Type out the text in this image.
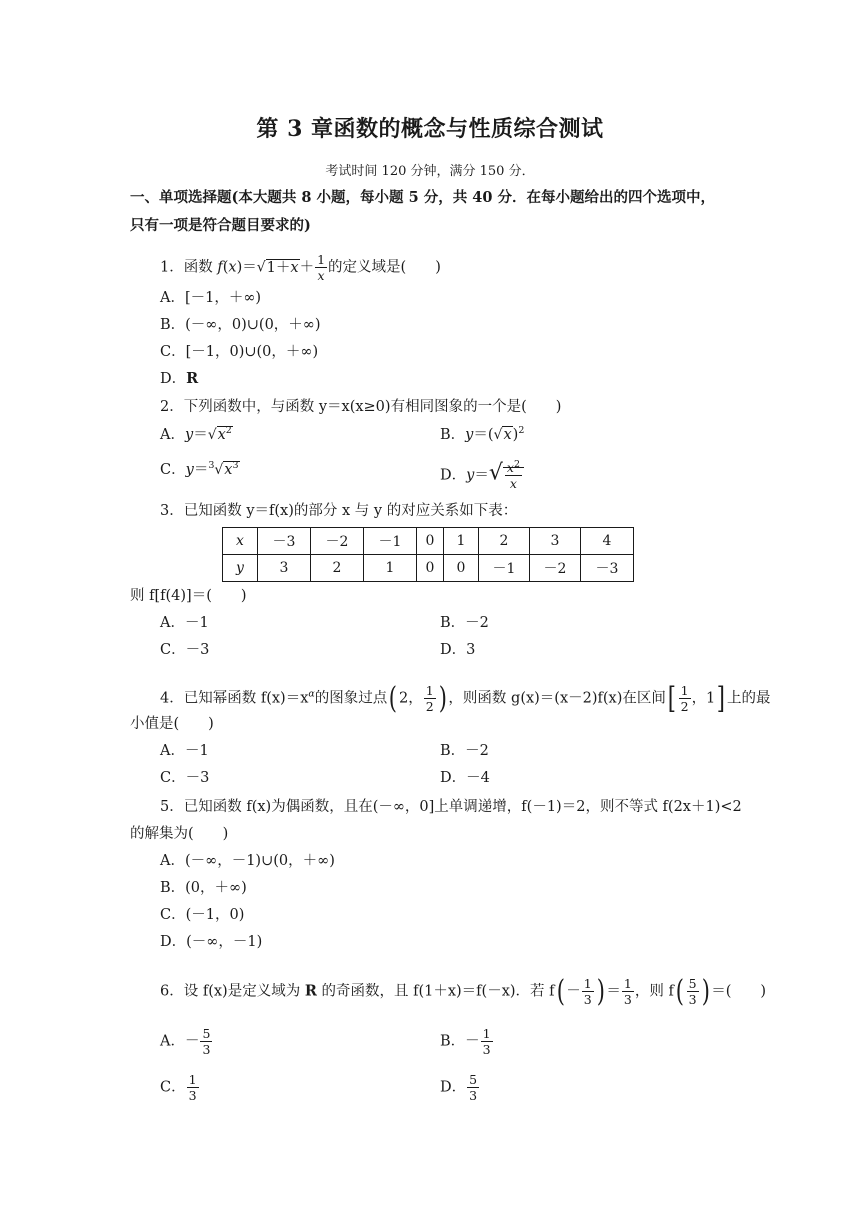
第 3 章函数的概念与性质综合测试
考试时间 120 分钟，满分 150 分．
一、单项选择题(本大题共 8 小题，每小题 5 分，共 40 分．在每小题给出的四个选项中，
只有一项是符合题目要求的)
1．函数 $f(x)=√1+x+ \frac{1}{x}$ 的定义域是(　　)
A．[－1，＋∞)
B．(－∞，0)∪(0，＋∞)
C．[－1，0)∪(0，＋∞)
D．R
2．下列函数中，与函数 y＝x(x≥0)有相同图象的一个是(　　)
A．$y=√x^2$	B．$y=(√x)^2$
C．$y=^3√x^3$
D．$y=√ \frac{x^2}{x}$
3．已知函数 y＝f(x)的部分 x 与 y 的对应关系如下表：
x	－3	－2	－1	0	1	2	3	4
y	3	2	1	0	0	－1	－2	－3
则 f[f(4)]＝(　　)
A．－1	B．－2
C．－3	D．3
4．已知幂函数 $f(x)=x^\alpha$的图象过点( 2， $\frac{1}{2}$ ) ，则函数 g(x)＝(x－2)f(x)在区间[ $\frac{1}{2}$ ，1] 上的最
小值是(　　)
A．－1	B．－2
C．－3	D．－4
5．已知函数 f(x)为偶函数，且在(－∞，0]上单调递增，f(－1)＝2，则不等式 f(2x＋1)<2
的解集为(　　)
A．(－∞，－1)∪(0，＋∞)
B．(0，＋∞)
C．(－1，0)
D．(－∞，－1)
6．设 f(x)是定义域为 R 的奇函数，且 f(1＋x)＝f(－x)．若 $f( - \frac{1}{3}$ ) ＝ $\frac{1}{3}$ ，则 $f( \frac{5}{3}$ ) ＝(　　)
A．－ $\frac{5}{3}$	B．－ $\frac{1}{3}$
C． $\frac{1}{3}$	D． $\frac{5}{3}$
